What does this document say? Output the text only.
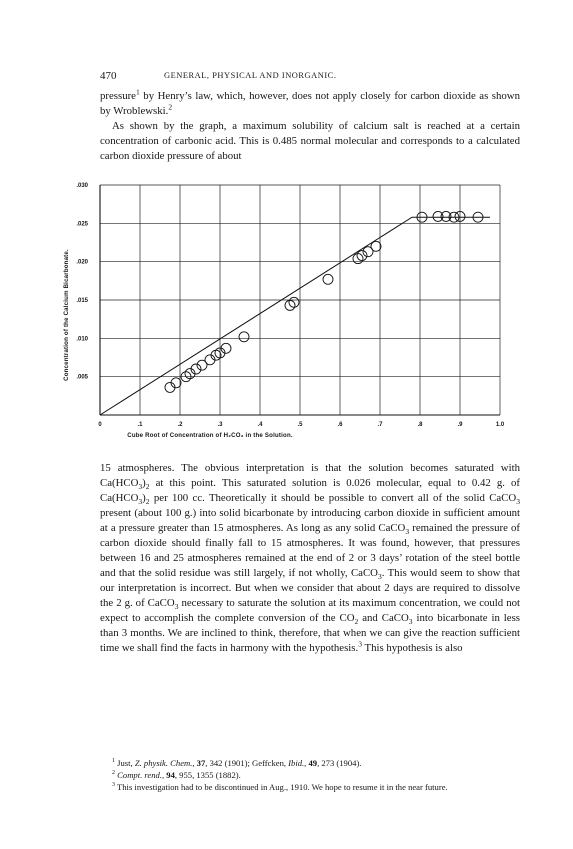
470	GENERAL, PHYSICAL AND INORGANIC.

pressure$^1$ by Henry’s law, which, however, does not apply closely for carbon dioxide as shown by Wroblewski.$^2$

As shown by the graph, a maximum solubility of calcium salt is reached at a certain concentration of carbonic acid. This is 0.485 normal molecular and corresponds to a calculated carbon dioxide pressure of about

0	.1	.2	.3	.4	.5	.6	.7	.8	.9	1.0
.005
.010
.015
.020
.025
.030
Cube Root of Concentration of H₂CO₃ in the Solution.
Concentration of the Calcium Bicarbonate.

15 atmospheres. The obvious interpretation is that the solution becomes saturated with $Ca(HCO_3)_2$ at this point. This saturated solution is 0.026 molecular, equal to 0.42 g. of $Ca(HCO_3)_2$ per 100 cc. Theoretically it should be possible to convert all of the solid CaCO$_3$ present (about 100 g.) into solid bicarbonate by introducing carbon dioxide in sufficient amount at a pressure greater than 15 atmospheres. As long as any solid CaCO$_3$ remained the pressure of carbon dioxide should finally fall to 15 atmospheres. It was found, however, that pressures between 16 and 25 atmospheres remained at the end of 2 or 3 days’ rotation of the steel bottle and that the solid residue was still largely, if not wholly, CaCO$_3$. This would seem to show that our interpretation is incorrect. But when we consider that about 2 days are required to dissolve the 2 g. of CaCO$_3$ necessary to saturate the solution at its maximum concentration, we could not expect to accomplish the complete conversion of the $CO_2$ and CaCO$_3$ into bicarbonate in less than 3 months. We are inclined to think, therefore, that when we can give the reaction sufficient time we shall find the facts in harmony with the hypothesis.$^3$ This hypothesis is also

$^1$ Just, Z. physik. Chem., 37, 342 (1901); Geffcken, Ibid., 49, 273 (1904).

$^2$ Compt. rend., 94, 955, 1355 (1882).

$^3$ This investigation had to be discontinued in Aug., 1910. We hope to resume it in the near future.
